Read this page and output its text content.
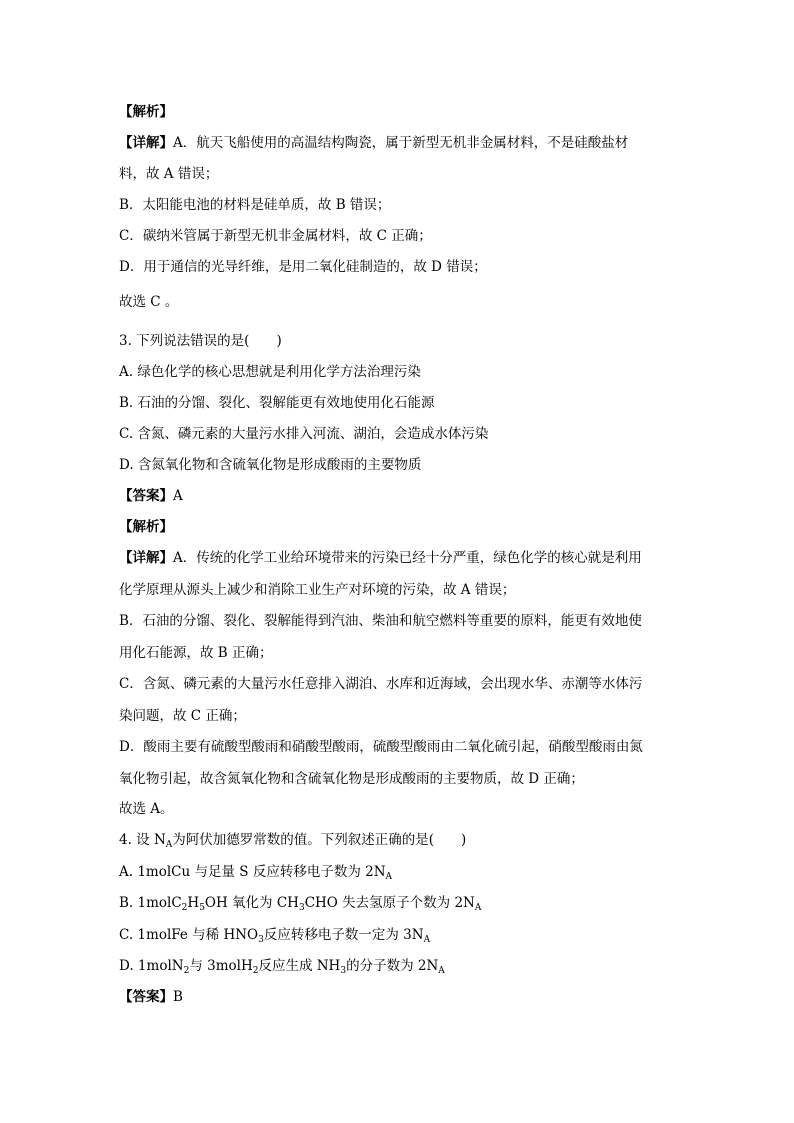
【解析】
【详解】A．航天飞船使用的高温结构陶瓷，属于新型无机非金属材料，不是硅酸盐材
料，故 A 错误；
B．太阳能电池的材料是硅单质，故 B 错误；
C．碳纳米管属于新型无机非金属材料，故 C 正确；
D．用于通信的光导纤维，是用二氧化硅制造的，故 D 错误；
故选 C 。
3. 下列说法错误的是(　　)
A. 绿色化学的核心思想就是利用化学方法治理污染
B. 石油的分馏、裂化、裂解能更有效地使用化石能源
C. 含氮、磷元素的大量污水排入河流、湖泊，会造成水体污染
D. 含氮氧化物和含硫氧化物是形成酸雨的主要物质
【答案】A
【解析】
【详解】A．传统的化学工业给环境带来的污染已经十分严重，绿色化学的核心就是利用
化学原理从源头上减少和消除工业生产对环境的污染，故 A 错误；
B．石油的分馏、裂化、裂解能得到汽油、柴油和航空燃料等重要的原料，能更有效地使
用化石能源，故 B 正确；
C．含氮、磷元素的大量污水任意排入湖泊、水库和近海域，会出现水华、赤潮等水体污
染问题，故 C 正确；
D．酸雨主要有硫酸型酸雨和硝酸型酸雨，硫酸型酸雨由二氧化硫引起，硝酸型酸雨由氮
氧化物引起，故含氮氧化物和含硫氧化物是形成酸雨的主要物质，故 D 正确；
故选 A。
4. 设 $N_A$为阿伏加德罗常数的值。下列叙述正确的是(　　)
A. 1molCu 与足量 S 反应转移电子数为 $2N_A$
B. $1molC_2H_5OH$ 氧化为 $CH_3CHO$ 失去氢原子个数为 $2N_A$
C. 1molFe 与稀 $HNO_3$反应转移电子数一定为 $3N_A$
D. 1molN$_2$与 3molH$_2$反应生成 $NH_3$的分子数为 $2N_A$
【答案】B
